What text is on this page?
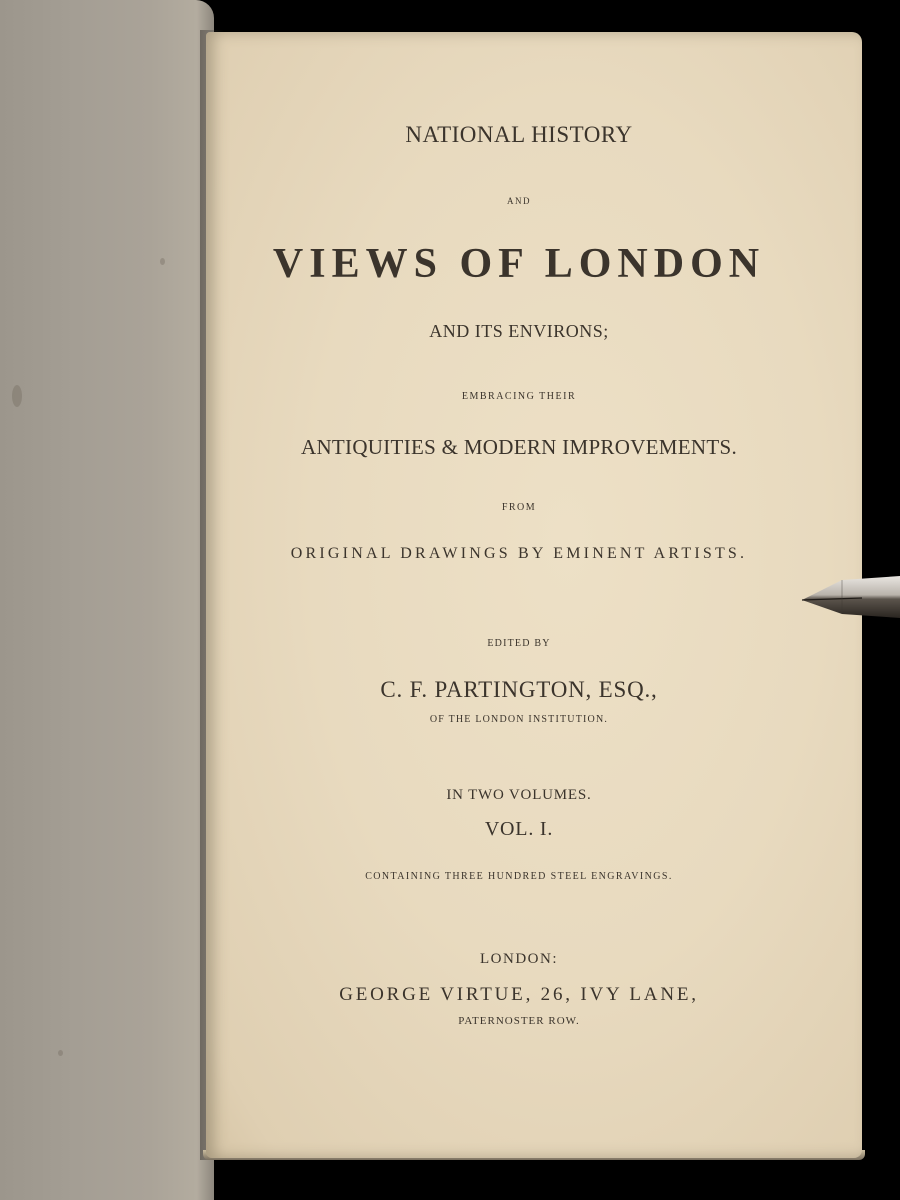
NATIONAL HISTORY
AND
VIEWS OF LONDON
AND ITS ENVIRONS;
EMBRACING THEIR
ANTIQUITIES & MODERN IMPROVEMENTS.
FROM
ORIGINAL DRAWINGS BY EMINENT ARTISTS.
EDITED BY
C. F. PARTINGTON, ESQ.,
OF THE LONDON INSTITUTION.
IN TWO VOLUMES.
VOL. I.
CONTAINING THREE HUNDRED STEEL ENGRAVINGS.
LONDON:
GEORGE VIRTUE, 26, IVY LANE,
PATERNOSTER ROW.
